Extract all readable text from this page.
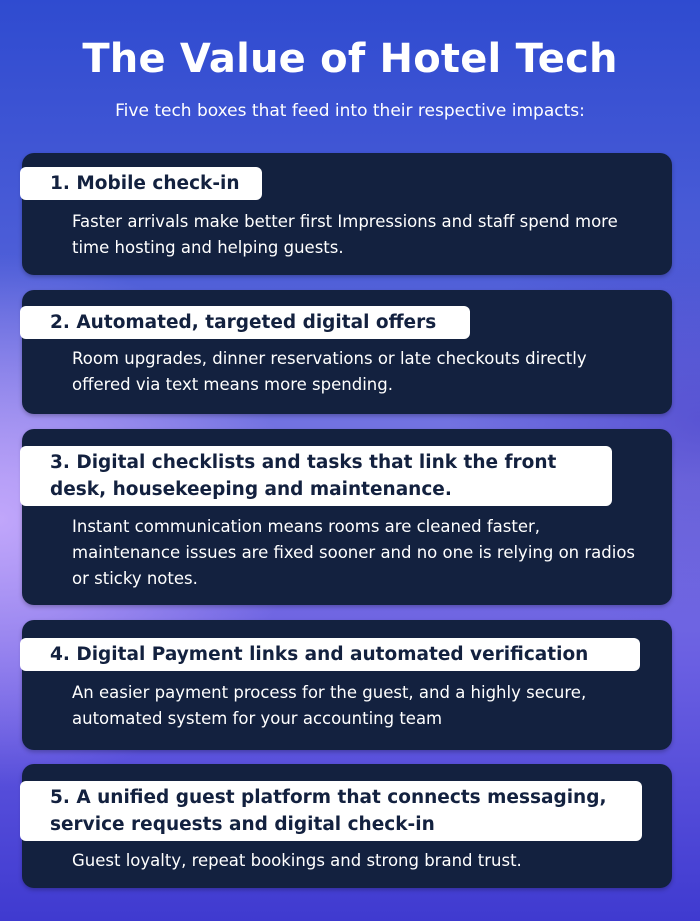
The Value of Hotel Tech

Five tech boxes that feed into their respective impacts:

1. Mobile check-in
Faster arrivals make better first Impressions and staff spend more time hosting and helping guests.
2. Automated, targeted digital offers
Room upgrades, dinner reservations or late checkouts directly offered via text means more spending.
3. Digital checklists and tasks that link the front desk, housekeeping and maintenance.
Instant communication means rooms are cleaned faster, maintenance issues are fixed sooner and no one is relying on radios or sticky notes.
4. Digital Payment links and automated verification
An easier payment process for the guest, and a highly secure, automated system for your accounting team
5. A unified guest platform that connects messaging, service requests and digital check-in
Guest loyalty, repeat bookings and strong brand trust.
